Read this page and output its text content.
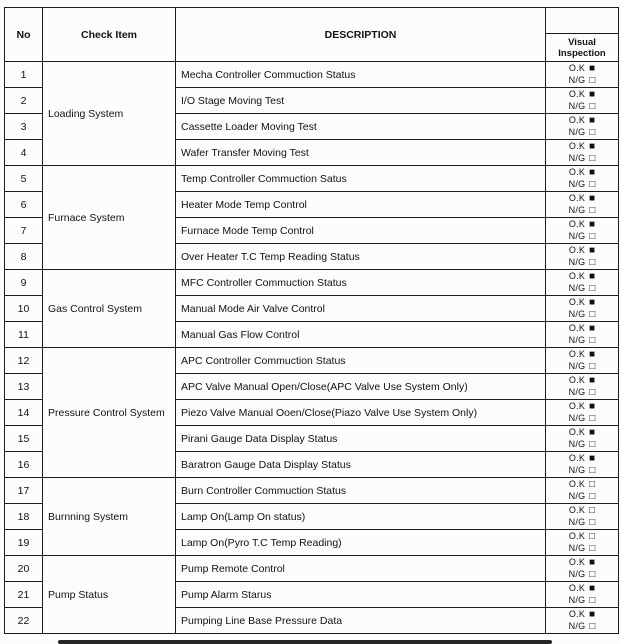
No	Check Item	DESCRIPTION	
			Visual Inspection
1	Loading System	Mecha Controller Commuction Status	O.K ■
N/G □

2		I/O Stage Moving Test	O.K ■
N/G □

3		Cassette Loader Moving Test	O.K ■
N/G □

4		Wafer Transfer Moving Test	O.K ■
N/G □

5	Furnace System	Temp Controller Commuction Satus	O.K ■
N/G □

6		Heater Mode Temp Control	O.K ■
N/G □

7		Furnace Mode Temp Control	O.K ■
N/G □

8		Over Heater T.C Temp Reading Status	O.K ■
N/G □

9	Gas Control System	MFC Controller Commuction Status	O.K ■
N/G □

10		Manual Mode Air Valve Control	O.K ■
N/G □

11		Manual Gas Flow Control	O.K ■
N/G □

12	Pressure Control System	APC Controller Commuction Status	O.K ■
N/G □

13		APC Valve Manual Open/Close(APC Valve Use System Only)	O.K ■
N/G □

14		Piezo Valve Manual Ooen/Close(Piazo Valve Use System Only)	O.K ■
N/G □

15		Pirani Gauge Data Display Status	O.K ■
N/G □

16		Baratron Gauge Data Display Status	O.K ■
N/G □

17	Burnning System	Burn Controller Commuction Status	O.K □
N/G □

18		Lamp On(Lamp On status)	O.K □
N/G □

19		Lamp On(Pyro T.C Temp Reading)	O.K □
N/G □

20	Pump Status	Pump Remote Control	O.K ■
N/G □

21		Pump Alarm Starus	O.K ■
N/G □

22		Pumping Line Base Pressure Data	O.K ■
N/G □
